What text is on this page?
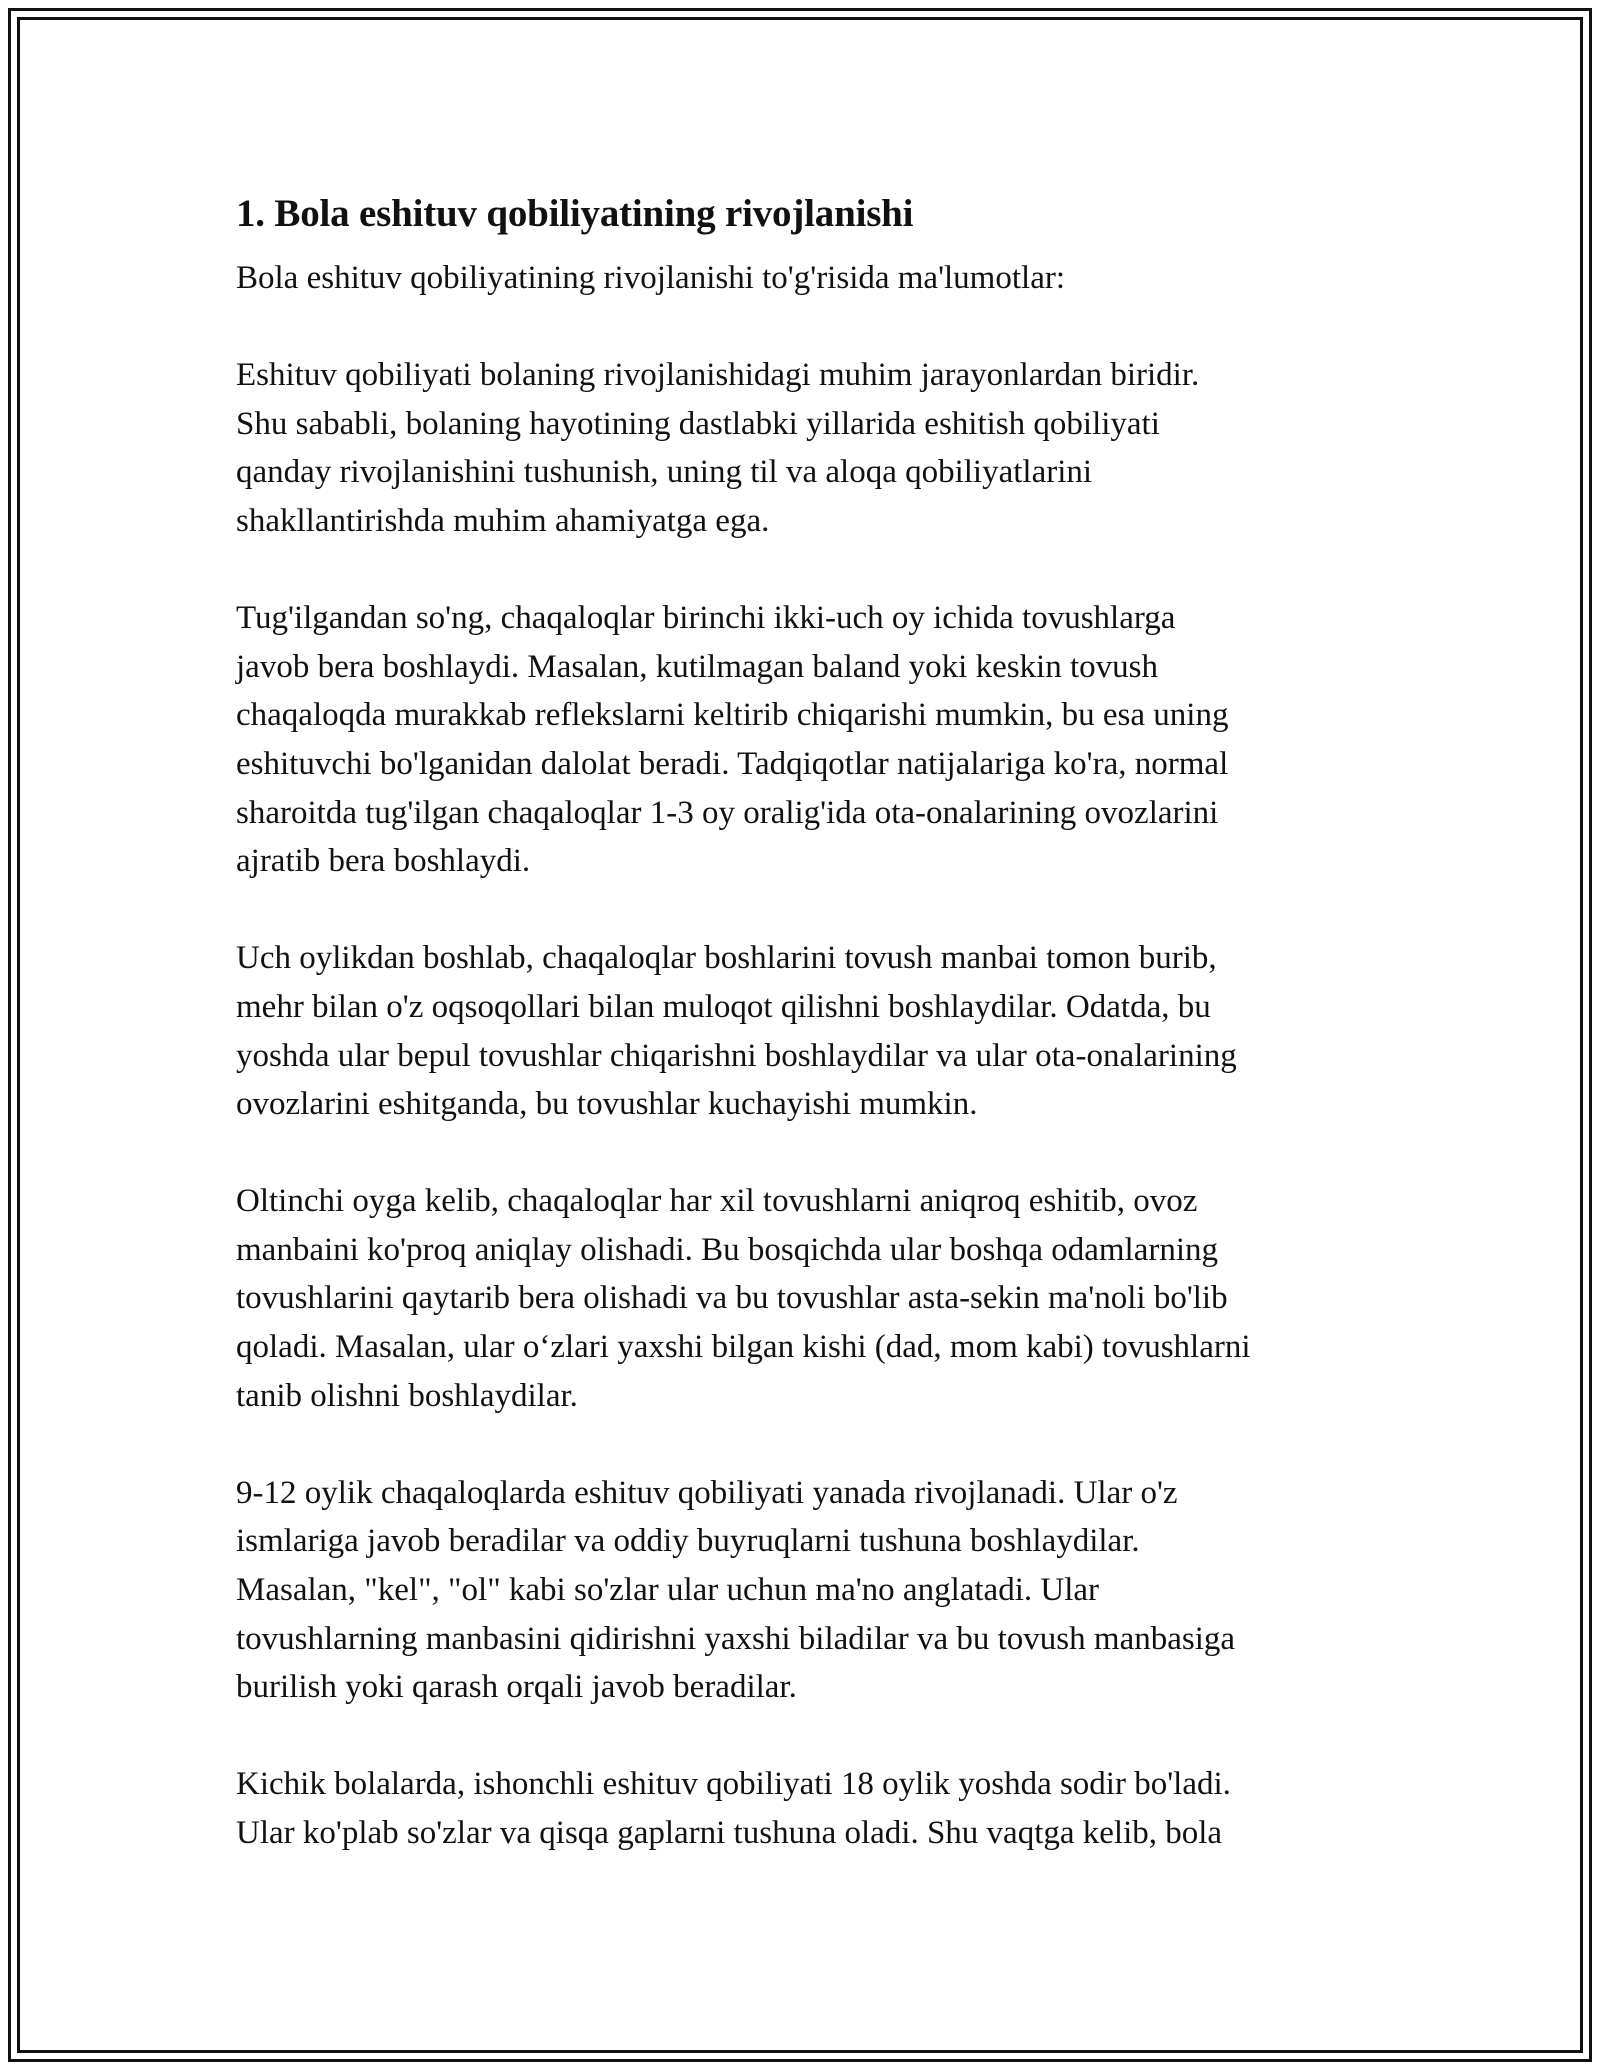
1. Bola eshituv qobiliyatining rivojlanishi

Bola eshituv qobiliyatining rivojlanishi to'g'risida ma'lumotlar:

Eshituv qobiliyati bolaning rivojlanishidagi muhim jarayonlardan biridir.
Shu sababli, bolaning hayotining dastlabki yillarida eshitish qobiliyati
qanday rivojlanishini tushunish, uning til va aloqa qobiliyatlarini
shakllantirishda muhim ahamiyatga ega.

Tug'ilgandan so'ng, chaqaloqlar birinchi ikki-uch oy ichida tovushlarga
javob bera boshlaydi. Masalan, kutilmagan baland yoki keskin tovush
chaqaloqda murakkab reflekslarni keltirib chiqarishi mumkin, bu esa uning
eshituvchi bo'lganidan dalolat beradi. Tadqiqotlar natijalariga ko'ra, normal
sharoitda tug'ilgan chaqaloqlar 1-3 oy oralig'ida ota-onalarining ovozlarini
ajratib bera boshlaydi.

Uch oylikdan boshlab, chaqaloqlar boshlarini tovush manbai tomon burib,
mehr bilan o'z oqsoqollari bilan muloqot qilishni boshlaydilar. Odatda, bu
yoshda ular bepul tovushlar chiqarishni boshlaydilar va ular ota-onalarining
ovozlarini eshitganda, bu tovushlar kuchayishi mumkin.

Oltinchi oyga kelib, chaqaloqlar har xil tovushlarni aniqroq eshitib, ovoz
manbaini ko'proq aniqlay olishadi. Bu bosqichda ular boshqa odamlarning
tovushlarini qaytarib bera olishadi va bu tovushlar asta-sekin ma'noli bo'lib
qoladi. Masalan, ular o‘zlari yaxshi bilgan kishi (dad, mom kabi) tovushlarni
tanib olishni boshlaydilar.

9-12 oylik chaqaloqlarda eshituv qobiliyati yanada rivojlanadi. Ular o'z
ismlariga javob beradilar va oddiy buyruqlarni tushuna boshlaydilar.
Masalan, "kel", "ol" kabi so'zlar ular uchun ma'no anglatadi. Ular
tovushlarning manbasini qidirishni yaxshi biladilar va bu tovush manbasiga
burilish yoki qarash orqali javob beradilar.

Kichik bolalarda, ishonchli eshituv qobiliyati 18 oylik yoshda sodir bo'ladi.
Ular ko'plab so'zlar va qisqa gaplarni tushuna oladi. Shu vaqtga kelib, bola
